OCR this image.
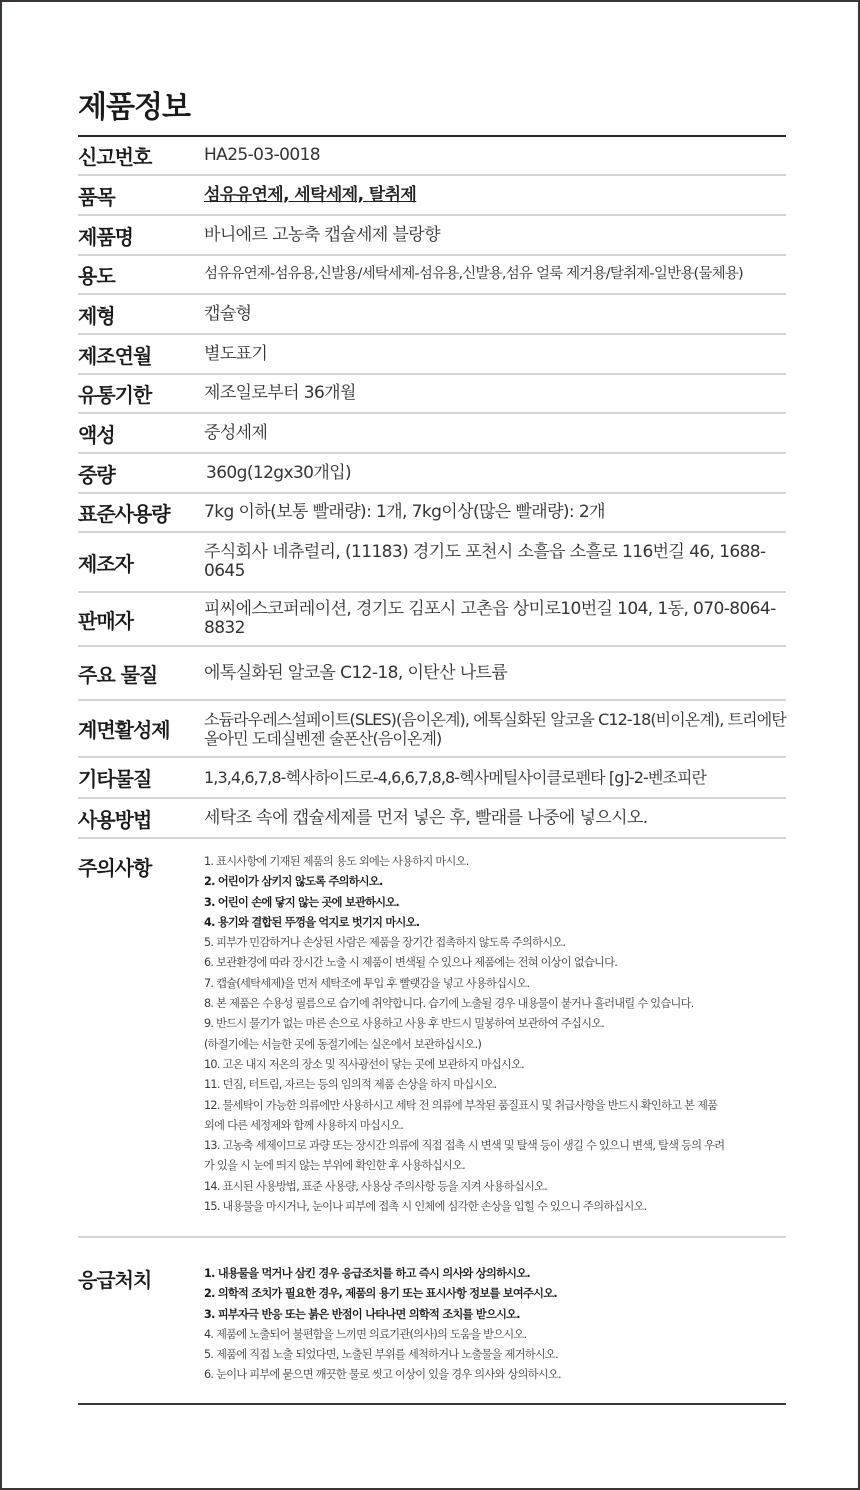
제품정보
신고번호	HA25-03-0018
품목	섬유유연제, 세탁세제, 탈취제
제품명	바니에르 고농축 캡슐세제 블랑향
용도	섬유유연제-섬유용,신발용/세탁세제-섬유용,신발용,섬유 얼룩 제거용/탈취제-일반용(물체용)
제형	캡슐형
제조연월	별도표기
유통기한	제조일로부터 36개월
액성	중성세제
중량	360g(12gx30개입)
표준사용량	7kg 이하(보통 빨래량): 1개, 7kg이상(많은 빨래량): 2개
제조자	주식회사 네츄럴리, (11183) 경기도 포천시 소흘읍 소흘로 116번길 46, 1688-0645
판매자	피씨에스코퍼레이션, 경기도 김포시 고촌읍 상미로10번길 104, 1동, 070-8064-8832
주요 물질	에톡실화된 알코올 C12-18, 이탄산 나트륨
계면활성제	소듐라우레스설페이트(SLES)(음이온계), 에톡실화된 알코올 C12-18(비이온계), 트리에탄올아민 도데실벤젠 술폰산(음이온계)
기타물질	1,3,4,6,7,8-헥사하이드로-4,6,6,7,8,8-헥사메틸사이클로펜타 [g]-2-벤조피란
사용방법	세탁조 속에 캡슐세제를 먼저 넣은 후, 빨래를 나중에 넣으시오.
주의사항	1. 표시사항에 기재된 제품의 용도 외에는 사용하지 마시오.
2. 어린이가 삼키지 않도록 주의하시오.
3. 어린이 손에 닿지 않는 곳에 보관하시오.
4. 용기와 결합된 뚜껑을 억지로 벗기지 마시오.
5. 피부가 민감하거나 손상된 사람은 제품을 장기간 접촉하지 않도록 주의하시오.
6. 보관환경에 따라 장시간 노출 시 제품이 변색될 수 있으나 제품에는 전혀 이상이 없습니다.
7. 캡슐(세탁세제)을 먼저 세탁조에 투입 후 빨랫감을 넣고 사용하십시오.
8. 본 제품은 수용성 필름으로 습기에 취약합니다. 습기에 노출될 경우 내용물이 붙거나 흘러내릴 수 있습니다.
9. 반드시 물기가 없는 마른 손으로 사용하고 사용 후 반드시 밀봉하여 보관하여 주십시오.
(하절기에는 서늘한 곳에 동절기에는 실온에서 보관하십시오.)
10. 고온 내지 저온의 장소 및 직사광선이 닿는 곳에 보관하지 마십시오.
11. 던짐, 터트림, 자르는 등의 임의적 제품 손상을 하지 마십시오.
12. 물세탁이 가능한 의류에만 사용하시고 세탁 전 의류에 부착된 품질표시 및 취급사항을 반드시 확인하고 본 제품
외에 다른 세정제와 함께 사용하지 마십시오.
13. 고농축 세제이므로 과량 또는 장시간 의류에 직접 접촉 시 변색 및 탈색 등이 생길 수 있으니 변색, 탈색 등의 우려
가 있을 시 눈에 띄지 않는 부위에 확인한 후 사용하십시오.
14. 표시된 사용방법, 표준 사용량, 사용상 주의사항 등을 지켜 사용하십시오.
15. 내용물을 마시거나, 눈이나 피부에 접촉 시 인체에 심각한 손상을 입힐 수 있으니 주의하십시오.
응급처치	1. 내용물을 먹거나 삼킨 경우 응급조치를 하고 즉시 의사와 상의하시오.
2. 의학적 조치가 필요한 경우, 제품의 용기 또는 표시사항 정보를 보여주시오.
3. 피부자극 반응 또는 붉은 반점이 나타나면 의학적 조치를 받으시오.
4. 제품에 노출되어 불편함을 느끼면 의료기관(의사)의 도움을 받으시오.
5. 제품에 직접 노출 되었다면, 노출된 부위를 세척하거나 노출물을 제거하시오.
6. 눈이나 피부에 묻으면 깨끗한 물로 씻고 이상이 있을 경우 의사와 상의하시오.
